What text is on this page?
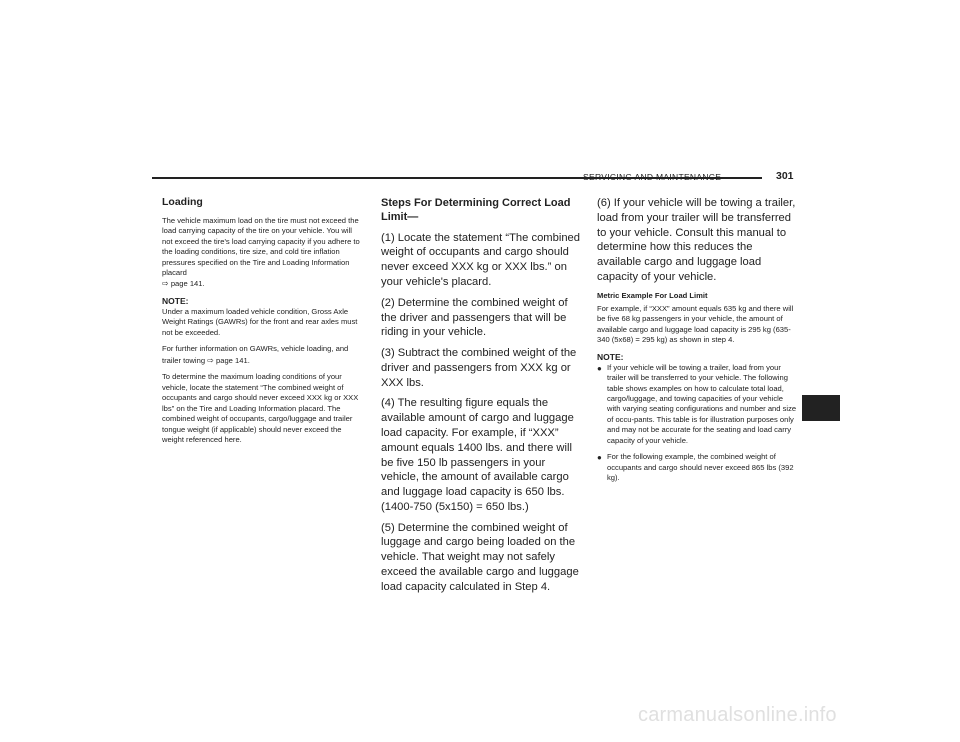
SERVICING AND MAINTENANCE	301
Loading

The vehicle maximum load on the tire must not exceed the load carrying capacity of the tire on your vehicle. You will not exceed the tire's load carrying capacity if you adhere to the loading conditions, tire size, and cold tire inflation pressures specified on the Tire and Loading Information placard
⇨ page 141.

NOTE:

Under a maximum loaded vehicle condition, Gross Axle Weight Ratings (GAWRs) for the front and rear axles must not be exceeded.

For further information on GAWRs, vehicle loading, and trailer towing ⇨ page 141.

To determine the maximum loading conditions of your vehicle, locate the statement “The combined weight of occupants and cargo should never exceed XXX kg or XXX lbs” on the Tire and Loading Information placard. The combined weight of occupants, cargo/luggage and trailer tongue weight (if applicable) should never exceed the weight referenced here.

Steps For Determining Correct Load Limit—

(1) Locate the statement “The combined weight of occupants and cargo should never exceed XXX kg or XXX lbs.” on your vehicle's placard.

(2) Determine the combined weight of the driver and passengers that will be riding in your vehicle.

(3) Subtract the combined weight of the driver and passengers from XXX kg or XXX lbs.

(4) The resulting figure equals the available amount of cargo and luggage load capacity. For example, if “XXX” amount equals 1400 lbs. and there will be five 150 lb passengers in your vehicle, the amount of available cargo and luggage load capacity is 650 lbs. (1400-750 (5x150) = 650 lbs.)

(5) Determine the combined weight of luggage and cargo being loaded on the vehicle. That weight may not safely exceed the available cargo and luggage load capacity calculated in Step 4.

(6) If your vehicle will be towing a trailer, load from your trailer will be transferred to your vehicle. Consult this manual to determine how this reduces the available cargo and luggage load capacity of your vehicle.

Metric Example For Load Limit

For example, if “XXX” amount equals 635 kg and there will be five 68 kg passengers in your vehicle, the amount of available cargo and luggage load capacity is 295 kg (635-340 (5x68) = 295 kg) as shown in step 4.

NOTE:
● If your vehicle will be towing a trailer, load from your trailer will be transferred to your vehicle. The following table shows examples on how to calculate total load, cargo/luggage, and towing capacities of your vehicle with varying seating configurations and number and size of occu-pants. This table is for illustration purposes only and may not be accurate for the seating and load carry capacity of your vehicle.
● For the following example, the combined weight of occupants and cargo should never exceed 865 lbs (392 kg).
8
carmanualsonline.info
